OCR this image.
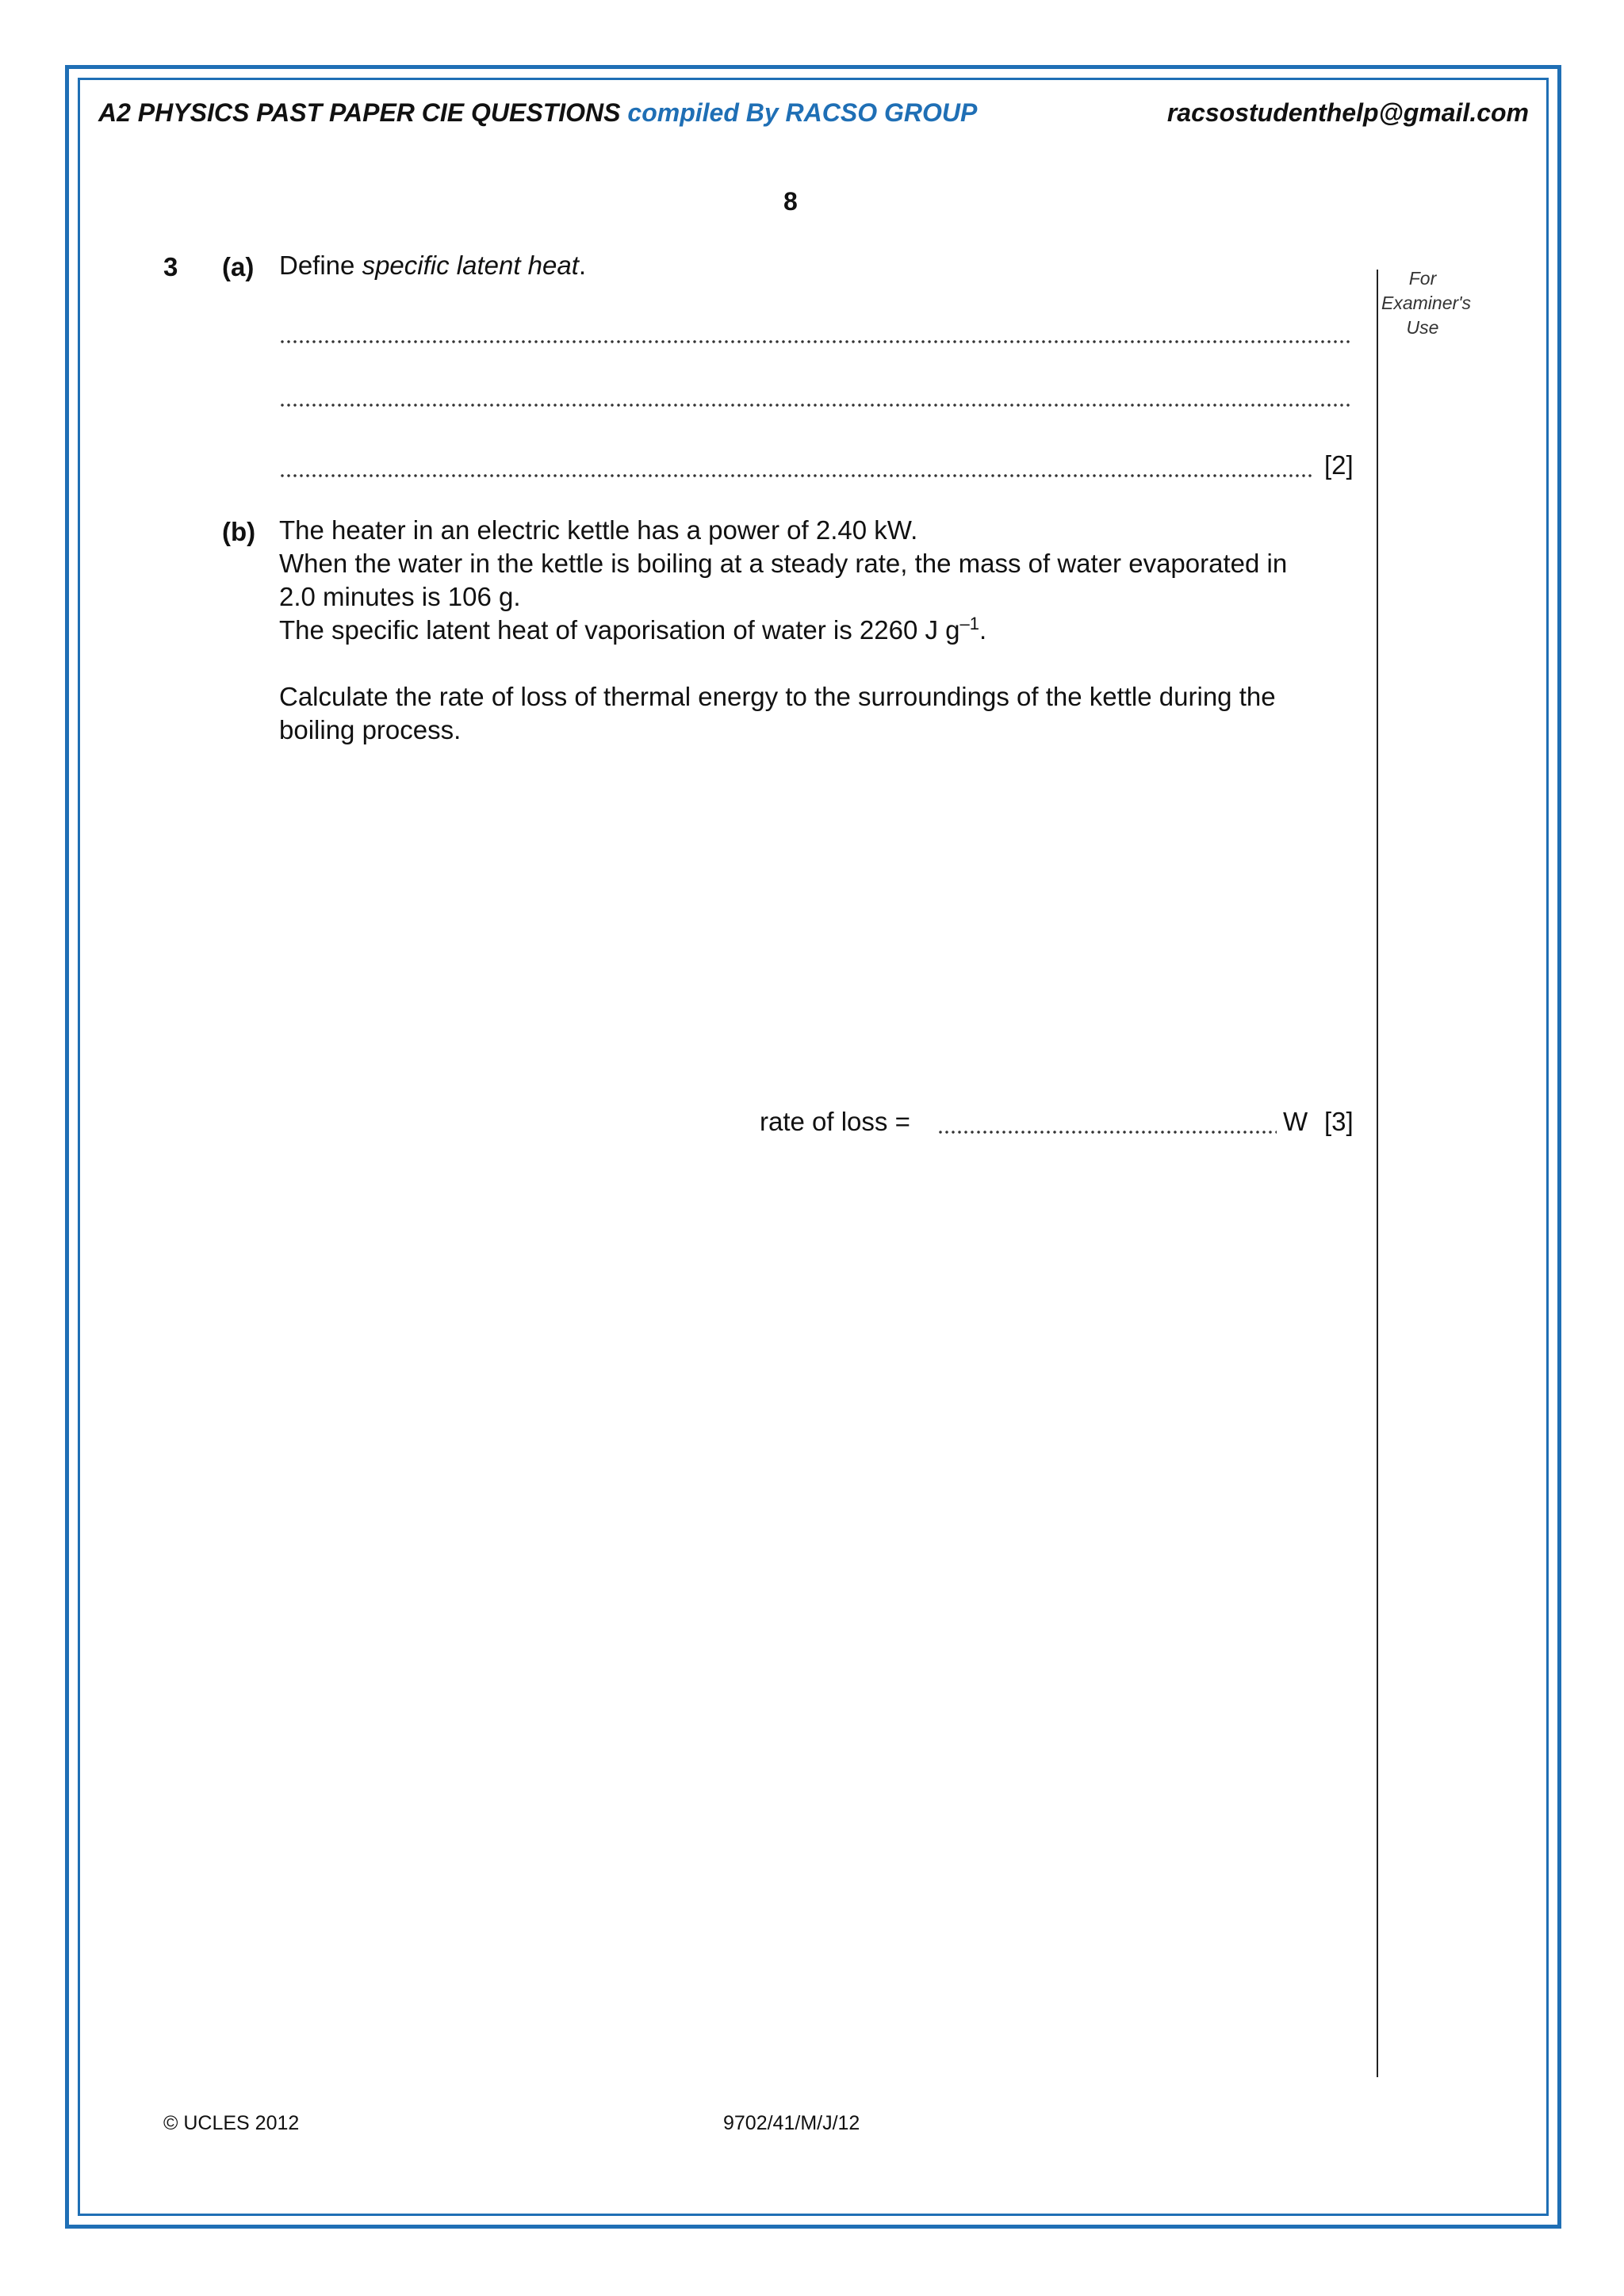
A2 PHYSICS PAST PAPER CIE QUESTIONS compiled By RACSO GROUP	racsostudenthelp@gmail.com
8
For
Examiner's
Use
3 (a) Define specific latent heat.
[2]
(b) The heater in an electric kettle has a power of 2.40 kW.
When the water in the kettle is boiling at a steady rate, the mass of water evaporated in
2.0 minutes is 106 g.
The specific latent heat of vaporisation of water is 2260 J $g^{-1}$.
Calculate the rate of loss of thermal energy to the surroundings of the kettle during the
boiling process.
rate of loss =	W [3]
© UCLES 2012	9702/41/M/J/12
